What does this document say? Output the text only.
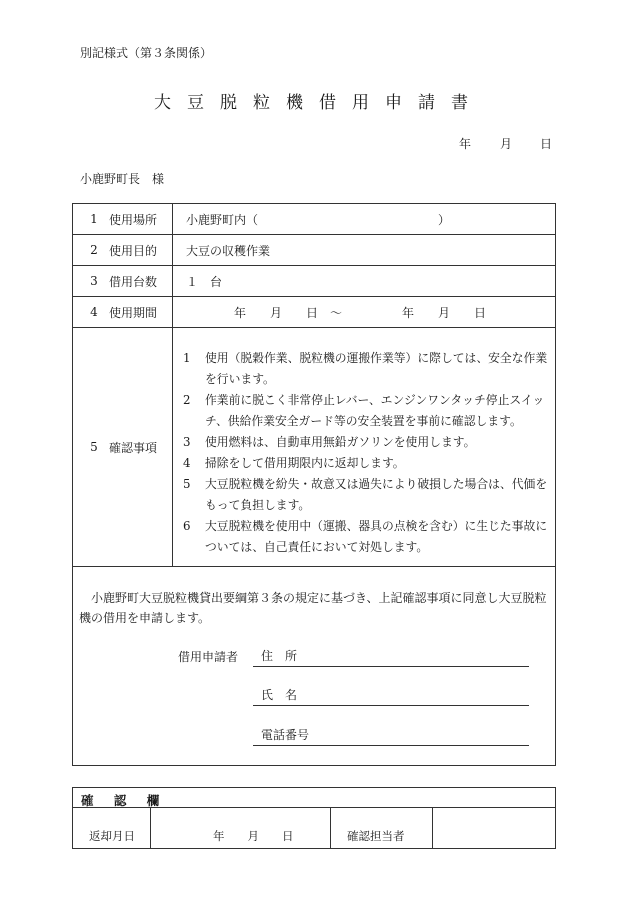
別記様式（第３条関係）
大豆脱粒機借用申請書
年 月 日
小鹿野町長　様
1 使用場所	小鹿野町内（　　　　　　　　　　　　　　　）
2 使用目的	大豆の収穫作業
3 借用台数	１　台
4 使用期間	年　　月　　日　～　　　　　年　　月　　日
5 確認事項
1	使用（脱穀作業、脱粒機の運搬作業等）に際しては、安全な作業を行います。
2	作業前に脱こく非常停止レバー、エンジンワンタッチ停止スイッチ、供給作業安全ガード等の安全装置を事前に確認します。
3	使用燃料は、自動車用無鉛ガソリンを使用します。
4	掃除をして借用期限内に返却します。
5	大豆脱粒機を紛失・故意又は過失により破損した場合は、代価をもって負担します。
6	大豆脱粒機を使用中（運搬、器具の点検を含む）に生じた事故については、自己責任において対処します。
小鹿野町大豆脱粒機貸出要綱第３条の規定に基づき、上記確認事項に同意し大豆脱粒機の借用を申請します。
借用申請者 住　所
氏　名
電話番号
確 認 欄
返却月日	年　　月　　日	確認担当者
